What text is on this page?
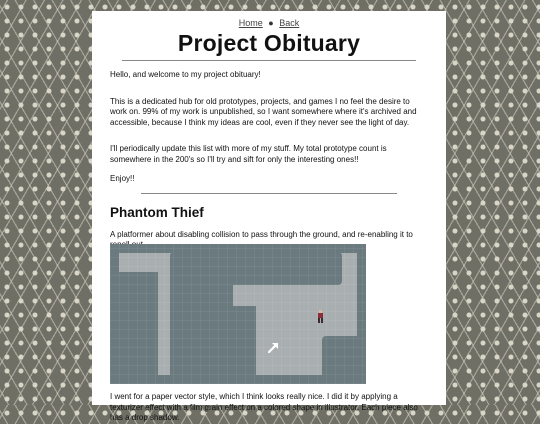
Home ● Back
Project Obituary

Hello, and welcome to my project obituary!

This is a dedicated hub for old prototypes, projects, and games I no feel the desire to work on. 99% of my work is unpublished, so I want somewhere where it's archived and accessible, because I think my ideas are cool, even if they never see the light of day.

I'll periodically update this list with more of my stuff. My total prototype count is somewhere in the 200's so I'll try and sift for only the interesting ones!!

Enjoy!!

Phantom Thief

A platformer about disabling collision to pass through the ground, and re-enabling it to

I went for a paper vector style, which I think looks really nice. I did it by applying a texturizer effect with a film grain effect on a colored shape in illustrator. Each piece also has a drop shadow.
